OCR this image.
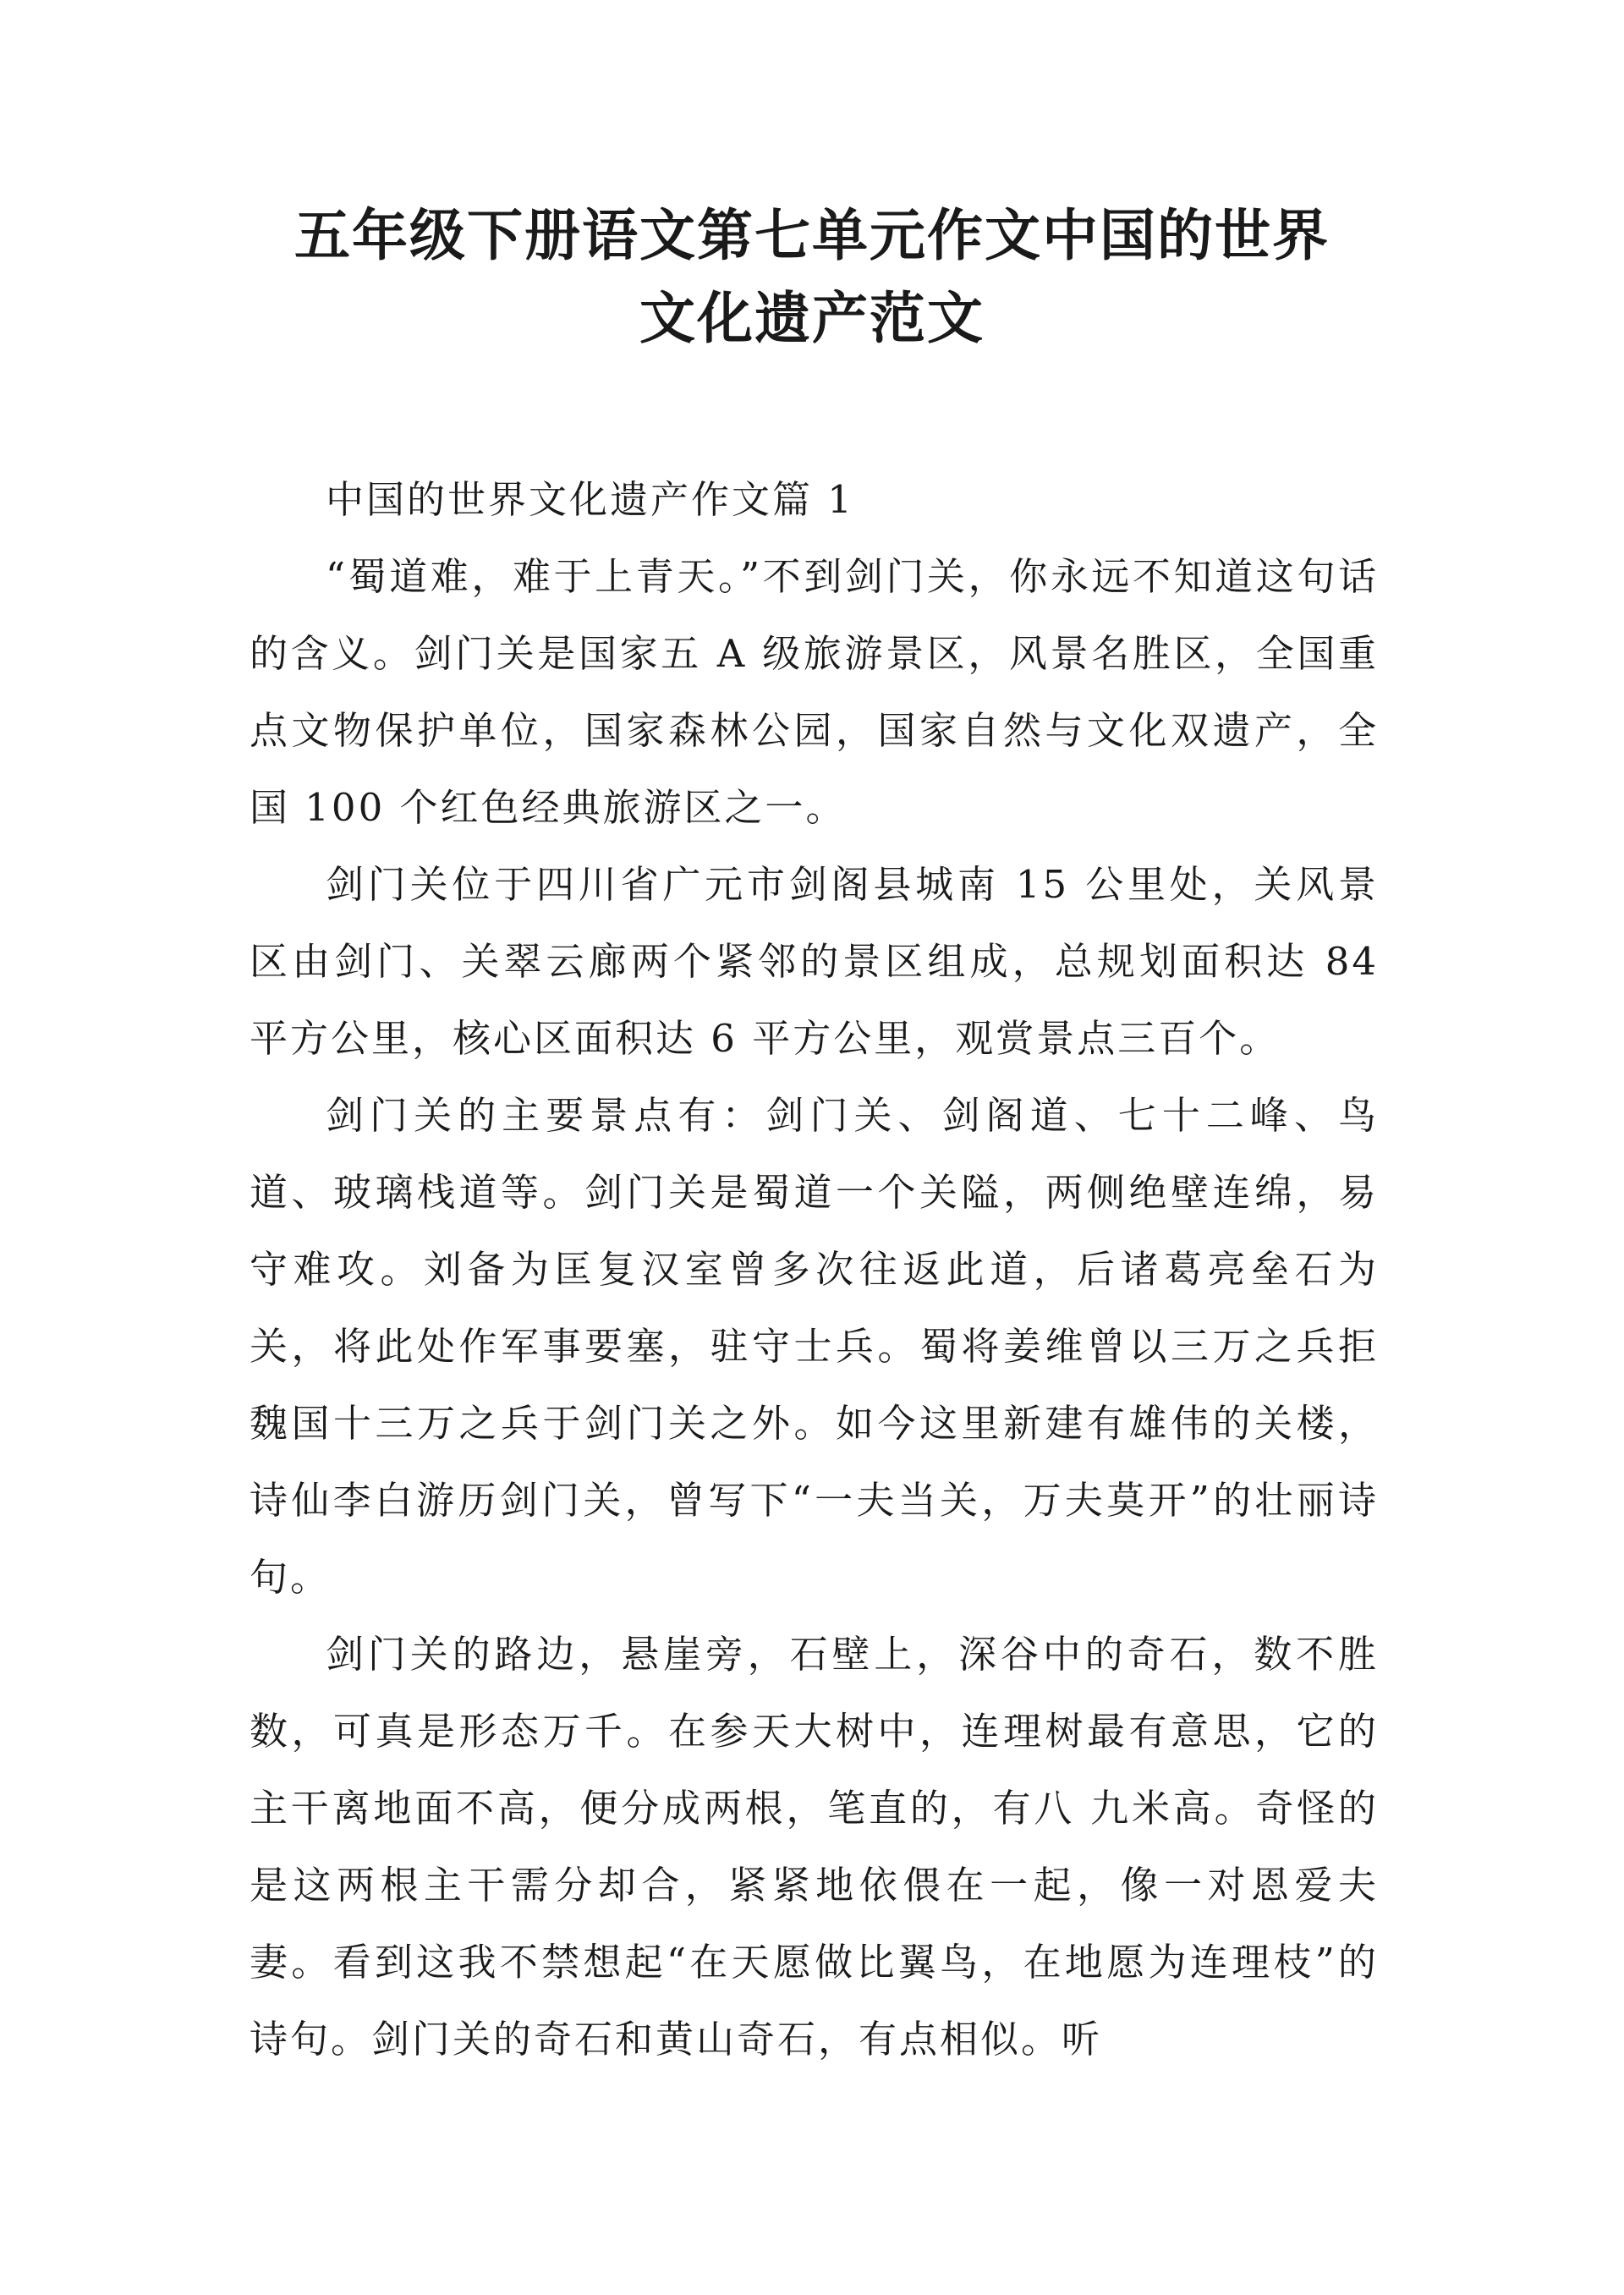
五年级下册语文第七单元作文中国的世界
文化遗产范文

中国的世界文化遗产作文篇 1

“蜀道难，难于上青天。”不到剑门关，你永远不知道这句话的含义。剑门关是国家五 A 级旅游景区，风景名胜区，全国重点文物保护单位，国家森林公园，国家自然与文化双遗产，全国 100 个红色经典旅游区之一。

剑门关位于四川省广元市剑阁县城南 15 公里处，关风景区由剑门、关翠云廊两个紧邻的景区组成，总规划面积达 84 平方公里，核心区面积达 6 平方公里，观赏景点三百个。

剑门关的主要景点有：剑门关、剑阁道、七十二峰、鸟道、玻璃栈道等。剑门关是蜀道一个关隘，两侧绝壁连绵，易守难攻。刘备为匡复汉室曾多次往返此道，后诸葛亮垒石为关，将此处作军事要塞，驻守士兵。蜀将姜维曾以三万之兵拒魏国十三万之兵于剑门关之外。如今这里新建有雄伟的关楼，诗仙李白游历剑门关，曾写下“一夫当关，万夫莫开”的壮丽诗句。

剑门关的路边，悬崖旁，石壁上，深谷中的奇石，数不胜数，可真是形态万千。在参天大树中，连理树最有意思，它的主干离地面不高，便分成两根，笔直的，有八 九米高。奇怪的是这两根主干需分却合，紧紧地依偎在一起，像一对恩爱夫妻。看到这我不禁想起“在天愿做比翼鸟，在地愿为连理枝”的诗句。剑门关的奇石和黄山奇石，有点相似。听
